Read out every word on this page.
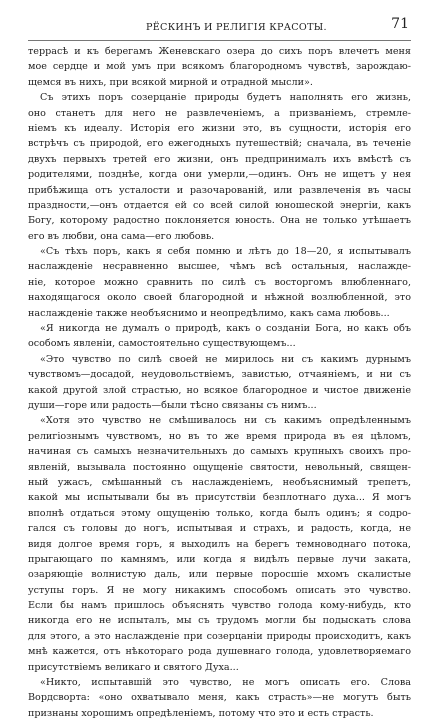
РЁСКИНЪ И РЕЛИГІЯ КРАСОТЫ.	71
террасѣ и къ берегамъ Женевскаго озера до сихъ поръ влечетъ меня
мое сердце и мой умъ при всякомъ благородномъ чувствѣ, зарождаю-
щемся въ нихъ, при всякой мирной и отрадной мысли».
Съ этихъ поръ созерцаніе природы будетъ наполнять его жизнь,
оно станетъ для него не развлеченіемъ, а призваніемъ, стремле-
ніемъ къ идеалу. Исторія его жизни это, въ сущности, исторія его
встрѣчъ съ природой, его ежегодныхъ путешествій; сначала, въ теченіе
двухъ первыхъ третей его жизни, онъ предпринималъ ихъ вмѣстѣ съ
родителями, позднѣе, когда они умерли,—одинъ. Онъ не ищетъ у нея
прибѣжища отъ усталости и разочарованій, или развлеченія въ часы
праздности,—онъ отдается ей со всей силой юношеской энергіи, какъ
Богу, которому радостно поклоняется юность. Она не только утѣшаетъ
его въ любви, она сама—его любовь.
«Съ тѣхъ поръ, какъ я себя помню и лѣтъ до 18—20, я испытывалъ
наслажденіе несравненно высшее, чѣмъ всѣ остальныя, наслажде-
ніе, которое можно сравнить по силѣ съ восторгомъ влюбленнаго,
находящагося около своей благородной и нѣжной возлюбленной, это
наслажденіе также необъяснимо и неопредѣлимо, какъ сама любовь...
«Я никогда не думалъ о природѣ, какъ о созданіи Бога, но какъ объ
особомъ явленіи, самостоятельно существующемъ...
«Это чувство по силѣ своей не мирилось ни съ какимъ дурнымъ
чувствомъ—досадой, неудовольствіемъ, завистью, отчаяніемъ, и ни съ
какой другой злой страстью, но всякое благородное и чистое движеніе
души—горе или радость—были тѣсно связаны съ нимъ...
«Хотя это чувство не смѣшивалось ни съ какимъ опредѣленнымъ
религіознымъ чувствомъ, но въ то же время природа въ ея цѣломъ,
начиная съ самыхъ незначительныхъ до самыхъ крупныхъ своихъ про-
явленій, вызывала постоянно ощущеніе святости, невольный, священ-
ный ужасъ, смѣшанный съ наслажденіемъ, необъяснимый трепетъ,
какой мы испытывали бы въ присутствіи безплотнаго духа... Я могъ
вполнѣ отдаться этому ощущенію только, когда былъ одинъ; я содро-
гался съ головы до ногъ, испытывая и страхъ, и радость, когда, не
видя долгое время горъ, я выходилъ на берегъ темноводнаго потока,
прыгающаго по камнямъ, или когда я видѣлъ первые лучи заката,
озаряющіе волнистую даль, или первые поросшіе мхомъ скалистые
уступы горъ. Я не могу никакимъ способомъ описать это чувство.
Если бы намъ пришлось объяснять чувство голода кому-нибудь, кто
никогда его не испыталъ, мы съ трудомъ могли бы подыскать слова
для этого, а это наслажденіе при созерцаніи природы происходитъ, какъ
мнѣ кажется, отъ нѣкотораго рода душевнаго голода, удовлетворяемаго
присутствіемъ великаго и святого Духа...
«Никто, испытавшій это чувство, не могъ описать его. Слова
Вордсворта: «оно охватывало меня, какъ страсть»—не могутъ быть
признаны хорошимъ опредѣленіемъ, потому что это и есть страсть.
